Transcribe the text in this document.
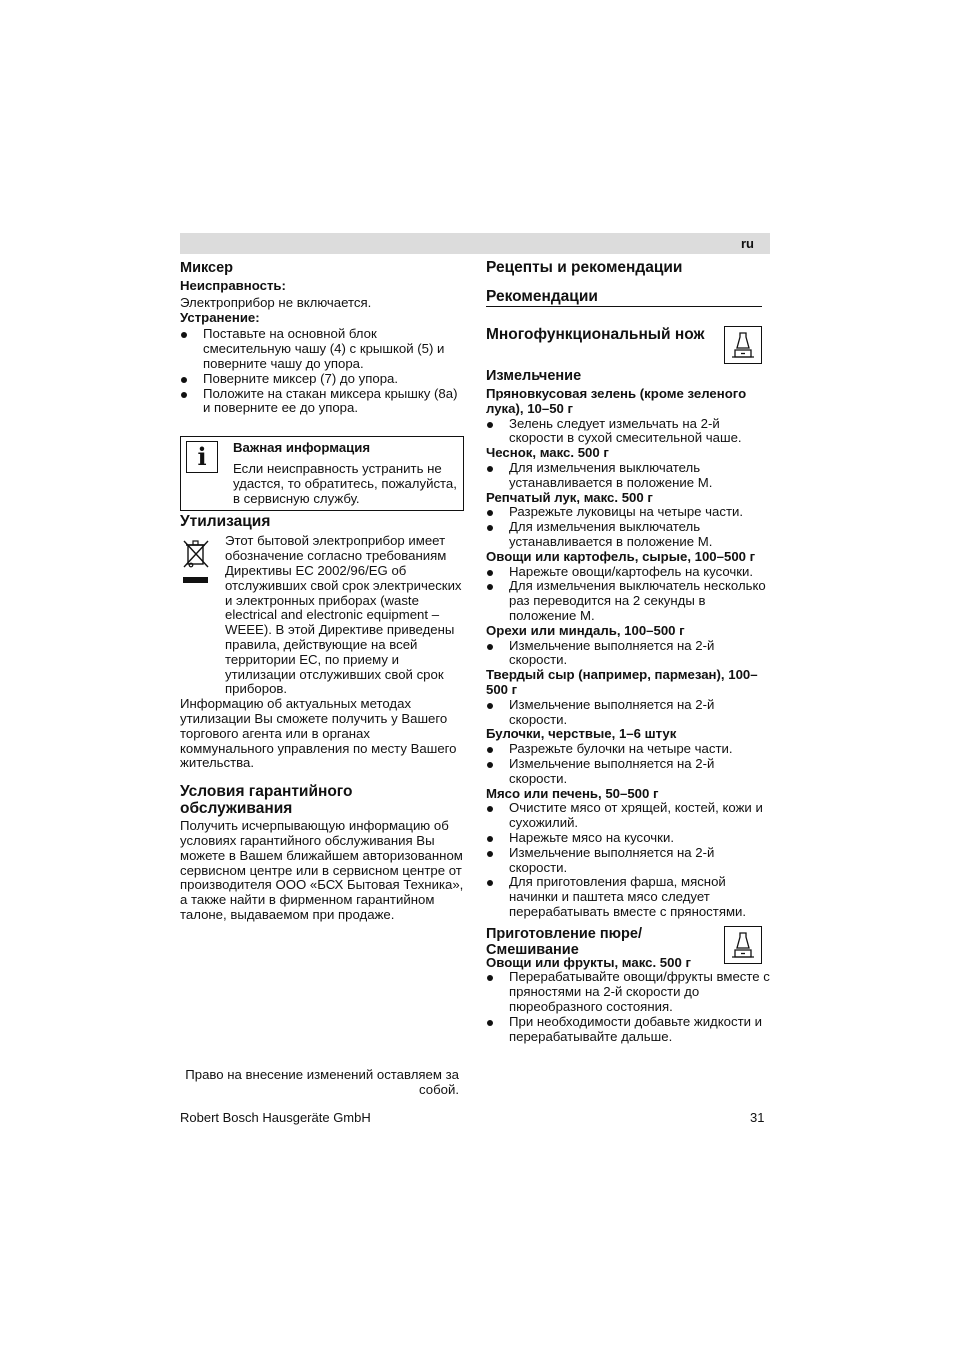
ru

Миксер

Неисправность:

Электроприбор не включается.

Устранение:

Поставьте на основной блок смесительную чашу (4) с крышкой (5) и поверните чашу до упора.
Поверните миксер (7) до упора.
Положите на стакан миксера крышку (8a) и поверните ее до упора.
i	Важная информация

Если неисправность устранить не удастся, то обратитесь, пожалуйста, в сервисную службу.

Утилизация

Этот бытовой электроприбор имеет обозначение согласно требованиям Директивы ЕС 2002/96/EG об отслуживших свой срок электрических и электронных приборах (waste electrical and electronic equipment – WEEE). В этой Директиве приведены правила, действующие на всей территории ЕС, по приему и утилизации отслуживших свой срок приборов.

Информацию об актуальных методах утилизации Вы сможете получить у Вашего торгового агента или в органах коммунального управления по месту Вашего жительства.

Условия гарантийного обслуживания

Получить исчерпывающую информацию об условиях гарантийного обслуживания Вы можете в Вашем ближайшем авторизованном сервисном центре или в сервисном центре от производителя ООО «БСХ Бытовая Техника», а также найти в фирменном гарантийном талоне, выдаваемом при продаже.

Право на внесение изменений оставляем за собой.

Рецепты и рекомендации

Рекомендации

Многофункциональный нож

Измельчение

Пряновкусовая зелень (кроме зеленого лука), 10–50 г

Зелень следует измельчать на 2-й скорости в сухой смесительной чаше.

Чеснок, макс. 500 г

Для измельчения выключатель устанавливается в положение M.

Репчатый лук, макс. 500 г

Разрежьте луковицы на четыре части.
Для измельчения выключатель устанавливается в положение M.

Овощи или картофель, сырые, 100–500 г

Нарежьте овощи/картофель на кусочки.
Для измельчения выключатель несколько раз переводится на 2 секунды в положение M.

Орехи или миндаль, 100–500 г

Измельчение выполняется на 2-й скорости.

Твердый сыр (например, пармезан), 100–500 г

Измельчение выполняется на 2-й скорости.

Булочки, черствые, 1–6 штук

Разрежьте булочки на четыре части.
Измельчение выполняется на 2-й скорости.

Мясо или печень, 50–500 г

Очистите мясо от хрящей, костей, кожи и сухожилий.
Нарежьте мясо на кусочки.
Измельчение выполняется на 2-й скорости.
Для приготовления фарша, мясной начинки и паштета мясо следует перерабатывать вместе с пряностями.

Приготовление пюре/ Смешивание

Овощи или фрукты, макс. 500 г

Перерабатывайте овощи/фрукты вместе с пряностями на 2-й скорости до пюреобразного состояния.
При необходимости добавьте жидкости и перерабатывайте дальше.
Robert Bosch Hausgeräte GmbH	31
